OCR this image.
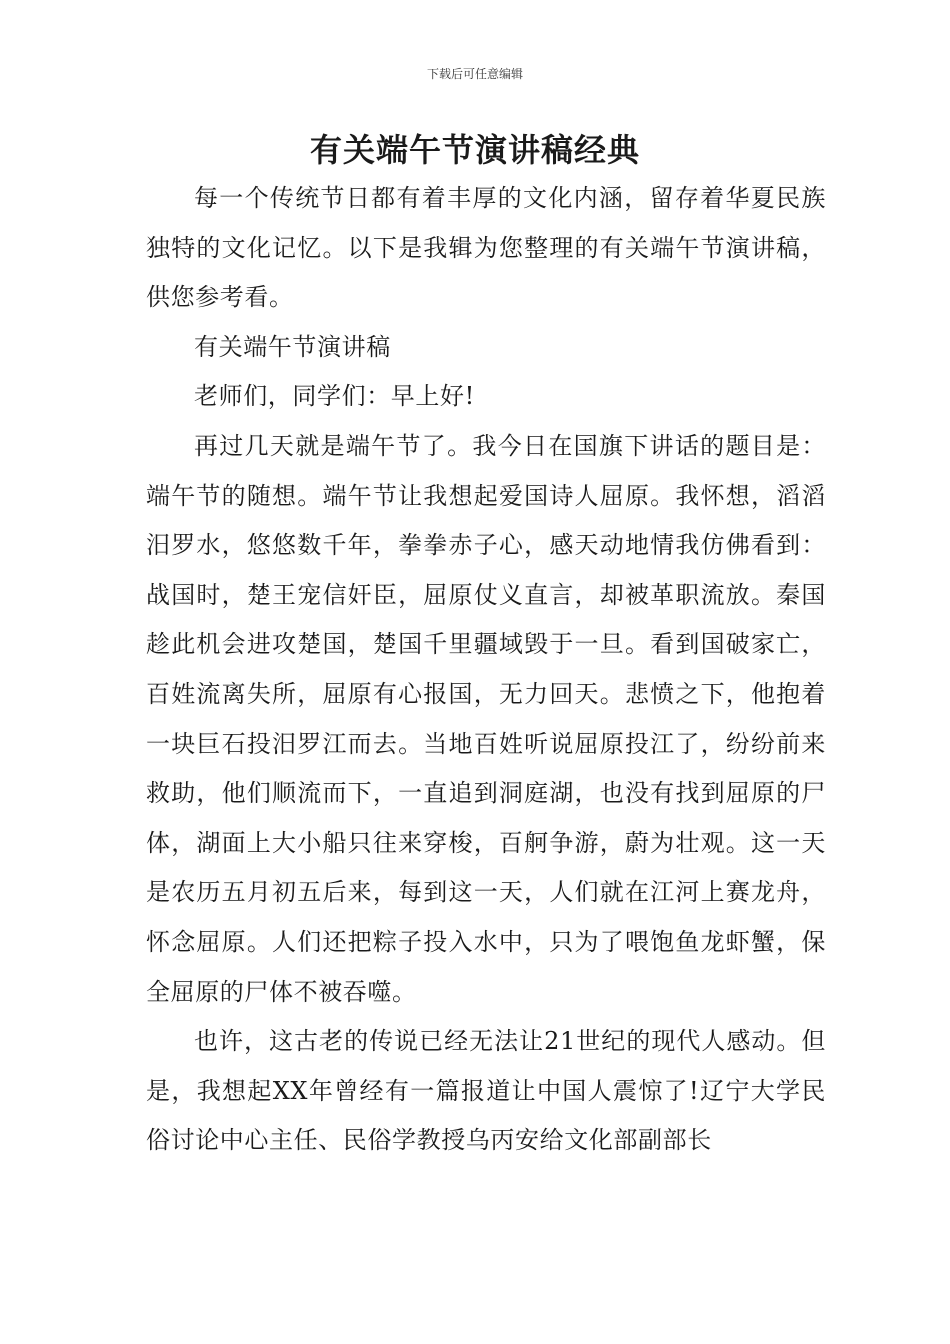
下载后可任意编辑
有关端午节演讲稿经典

每一个传统节日都有着丰厚的文化内涵，留存着华夏民族独特的文化记忆。以下是我辑为您整理的有关端午节演讲稿，供您参考看。

有关端午节演讲稿

老师们，同学们：早上好!

再过几天就是端午节了。我今日在国旗下讲话的题目是：端午节的随想。端午节让我想起爱国诗人屈原。我怀想，滔滔汨罗水，悠悠数千年，拳拳赤子心，感天动地情我仿佛看到：战国时，楚王宠信奸臣，屈原仗义直言，却被革职流放。秦国趁此机会进攻楚国，楚国千里疆域毁于一旦。看到国破家亡，百姓流离失所，屈原有心报国，无力回天。悲愤之下，他抱着一块巨石投汨罗江而去。当地百姓听说屈原投江了，纷纷前来救助，他们顺流而下，一直追到洞庭湖，也没有找到屈原的尸体，湖面上大小船只往来穿梭，百舸争游，蔚为壮观。这一天是农历五月初五后来，每到这一天，人们就在江河上赛龙舟，怀念屈原。人们还把粽子投入水中，只为了喂饱鱼龙虾蟹，保全屈原的尸体不被吞噬。

也许，这古老的传说已经无法让21世纪的现代人感动。但是，我想起XX年曾经有一篇报道让中国人震惊了!辽宁大学民俗讨论中心主任、民俗学教授乌丙安给文化部副部长
